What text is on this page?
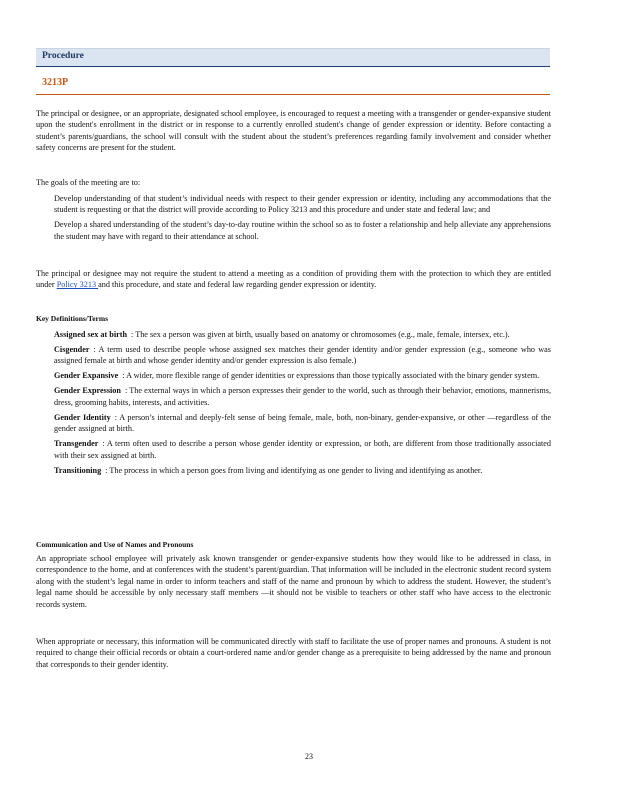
Procedure
3213P
The principal or designee, or an appropriate, designated school employee, is encouraged to request a meeting with a transgender or gender-expansive student upon the student's enrollment in the district or in response to a currently enrolled student's change of gender expression or identity. Before contacting a student’s parents/guardians, the school will consult with the student about the student’s preferences regarding family involvement and consider whether safety concerns are present for the student.
The goals of the meeting are to:
Develop understanding of that student’s individual needs with respect to their gender expression or identity, including any accommodations that the student is requesting or that the district will provide according to Policy 3213 and this procedure and under state and federal law; and
Develop a shared understanding of the student’s day-to-day routine within the school so as to foster a relationship and help alleviate any apprehensions the student may have with regard to their attendance at school.
The principal or designee may not require the student to attend a meeting as a condition of providing them with the protection to which they are entitled under Policy 3213 and this procedure, and state and federal law regarding gender expression or identity.
Key Definitions/Terms
Assigned sex at birth : The sex a person was given at birth, usually based on anatomy or chromosomes (e.g., male, female, intersex, etc.).
Cisgender : A term used to describe people whose assigned sex matches their gender identity and/or gender expression (e.g., someone who was assigned female at birth and whose gender identity and/or gender expression is also female.)
Gender Expansive : A wider, more flexible range of gender identities or expressions than those typically associated with the binary gender system.
Gender Expression : The external ways in which a person expresses their gender to the world, such as through their behavior, emotions, mannerisms, dress, grooming habits, interests, and activities.
Gender Identity : A person’s internal and deeply-felt sense of being female, male, both, non-binary, gender-expansive, or other —regardless of the gender assigned at birth.
Transgender : A term often used to describe a person whose gender identity or expression, or both, are different from those traditionally associated with their sex assigned at birth.
Transitioning : The process in which a person goes from living and identifying as one gender to living and identifying as another.
Communication and Use of Names and Pronouns
An appropriate school employee will privately ask known transgender or gender-expansive students how they would like to be addressed in class, in correspondence to the home, and at conferences with the student’s parent/guardian. That information will be included in the electronic student record system along with the student’s legal name in order to inform teachers and staff of the name and pronoun by which to address the student. However, the student’s legal name should be accessible by only necessary staff members —it should not be visible to teachers or other staff who have access to the electronic records system.
When appropriate or necessary, this information will be communicated directly with staff to facilitate the use of proper names and pronouns. A student is not required to change their official records or obtain a court-ordered name and/or gender change as a prerequisite to being addressed by the name and pronoun that corresponds to their gender identity.
23
